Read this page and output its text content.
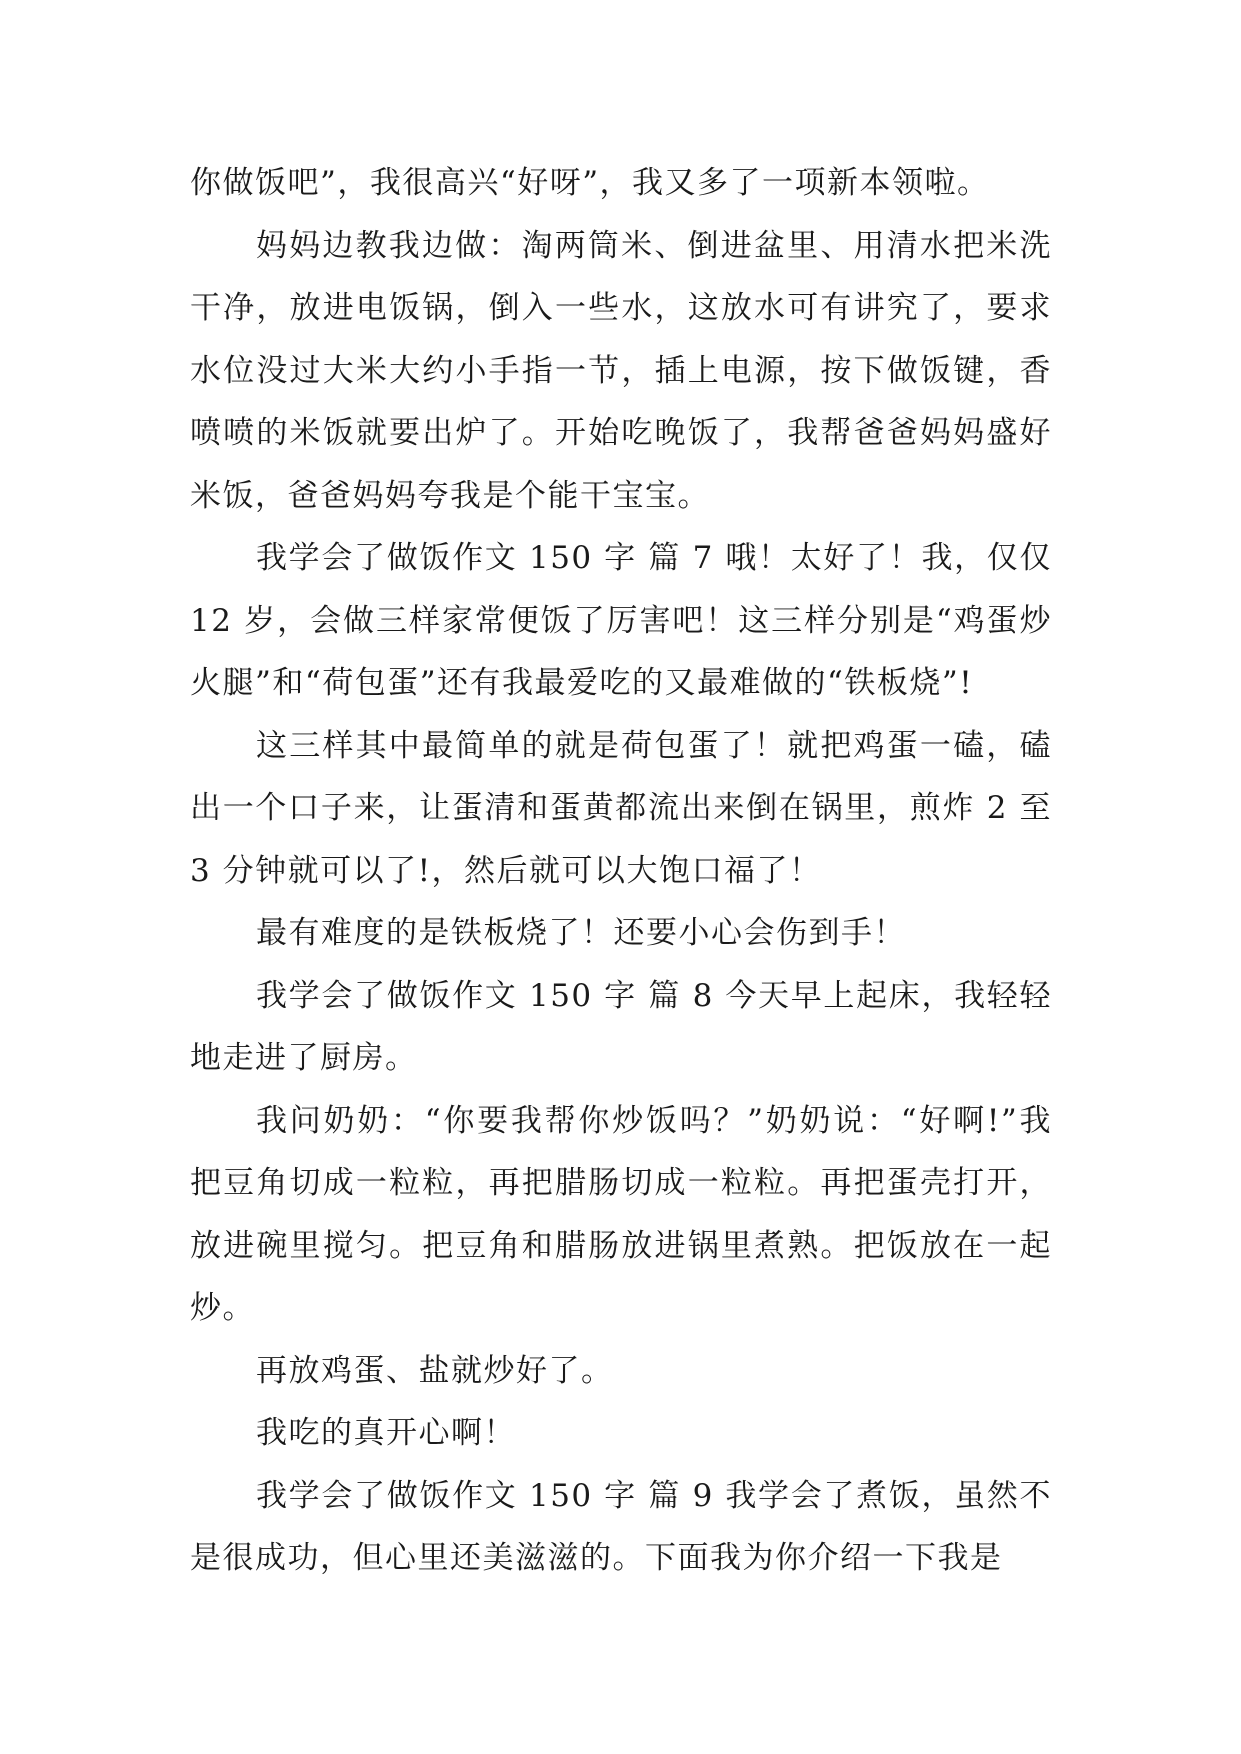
你做饭吧”，我很高兴“好呀”，我又多了一项新本领啦。

妈妈边教我边做：淘两筒米、倒进盆里、用清水把米洗干净，放进电饭锅，倒入一些水，这放水可有讲究了，要求水位没过大米大约小手指一节，插上电源，按下做饭键，香喷喷的米饭就要出炉了。开始吃晚饭了，我帮爸爸妈妈盛好米饭，爸爸妈妈夸我是个能干宝宝。

我学会了做饭作文 150 字 篇 7 哦！太好了！我，仅仅 12 岁，会做三样家常便饭了厉害吧！这三样分别是“鸡蛋炒火腿”和“荷包蛋”还有我最爱吃的又最难做的“铁板烧”!

这三样其中最简单的就是荷包蛋了！就把鸡蛋一磕，磕出一个口子来，让蛋清和蛋黄都流出来倒在锅里，煎炸 2 至 3 分钟就可以了!，然后就可以大饱口福了！

最有难度的是铁板烧了！还要小心会伤到手！

我学会了做饭作文 150 字 篇 8 今天早上起床，我轻轻地走进了厨房。

我问奶奶：“你要我帮你炒饭吗？”奶奶说：“好啊!”我把豆角切成一粒粒，再把腊肠切成一粒粒。再把蛋壳打开，放进碗里搅匀。把豆角和腊肠放进锅里煮熟。把饭放在一起炒。

再放鸡蛋、盐就炒好了。

我吃的真开心啊！

我学会了做饭作文 150 字 篇 9 我学会了煮饭，虽然不是很成功，但心里还美滋滋的。下面我为你介绍一下我是
